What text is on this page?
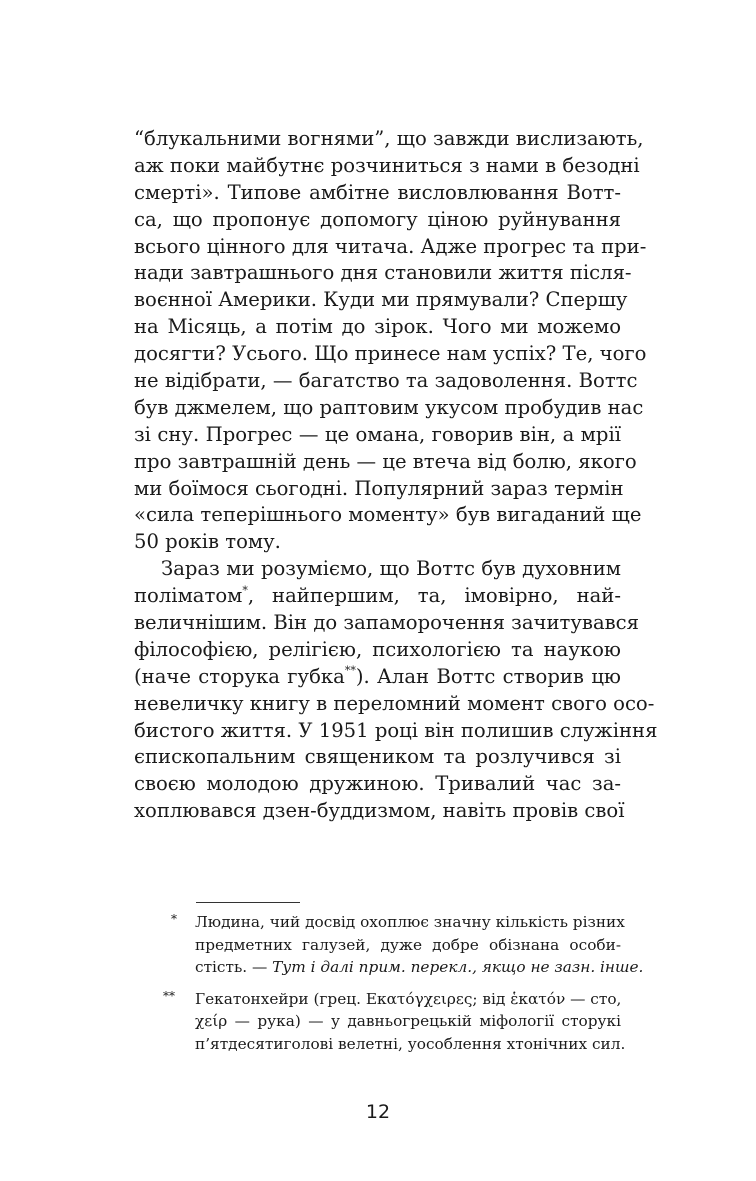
“блукальними вогнями”, що завжди вислизають,
аж поки майбутнє розчиниться з нами в безодні
смерті». Типове амбітне висловлювання Вотт-
са, що пропонує допомогу ціною руйнування
всього цінного для читача. Адже прогрес та при-
нади завтрашнього дня становили життя після-
воєнної Америки. Куди ми прямували? Спершу
на Місяць, а потім до зірок. Чого ми можемо
досягти? Усього. Що принесе нам успіх? Те, чого
не відібрати, — багатство та задоволення. Воттс
був джмелем, що раптовим укусом пробудив нас
зі сну. Прогрес — це омана, говорив він, а мрії
про завтрашній день — це втеча від болю, якого
ми боїмося сьогодні. Популярний зараз термін
«сила теперішнього моменту» був вигаданий ще
50 років тому.
Зараз ми розуміємо, що Воттс був духовним
поліматом*, найпершим, та, імовірно, най-
величнішим. Він до запаморочення зачитувався
філософією, релігією, психологією та наукою
(наче сторука губка**). Алан Воттс створив цю
невеличку книгу в переломний момент свого осо-
бистого життя. У 1951 році він полишив служіння
єпископальним священиком та розлучився зі
своєю молодою дружиною. Тривалий час за-
хоплювався дзен-буддизмом, навіть провів свої
* Людина, чий досвід охоплює значну кількість різних
предметних галузей, дуже добре обізнана особи-
стість. — Тут і далі прим. перекл., якщо не зазн. інше.
** Гекатонхейри (грец. Εκατόγχειρες; від ἑκατόν — сто,
χείρ — рука) — у давньогрецькій міфології сторукі
п’ятдесятиголові велетні, уособлення хтонічних сил.
12
